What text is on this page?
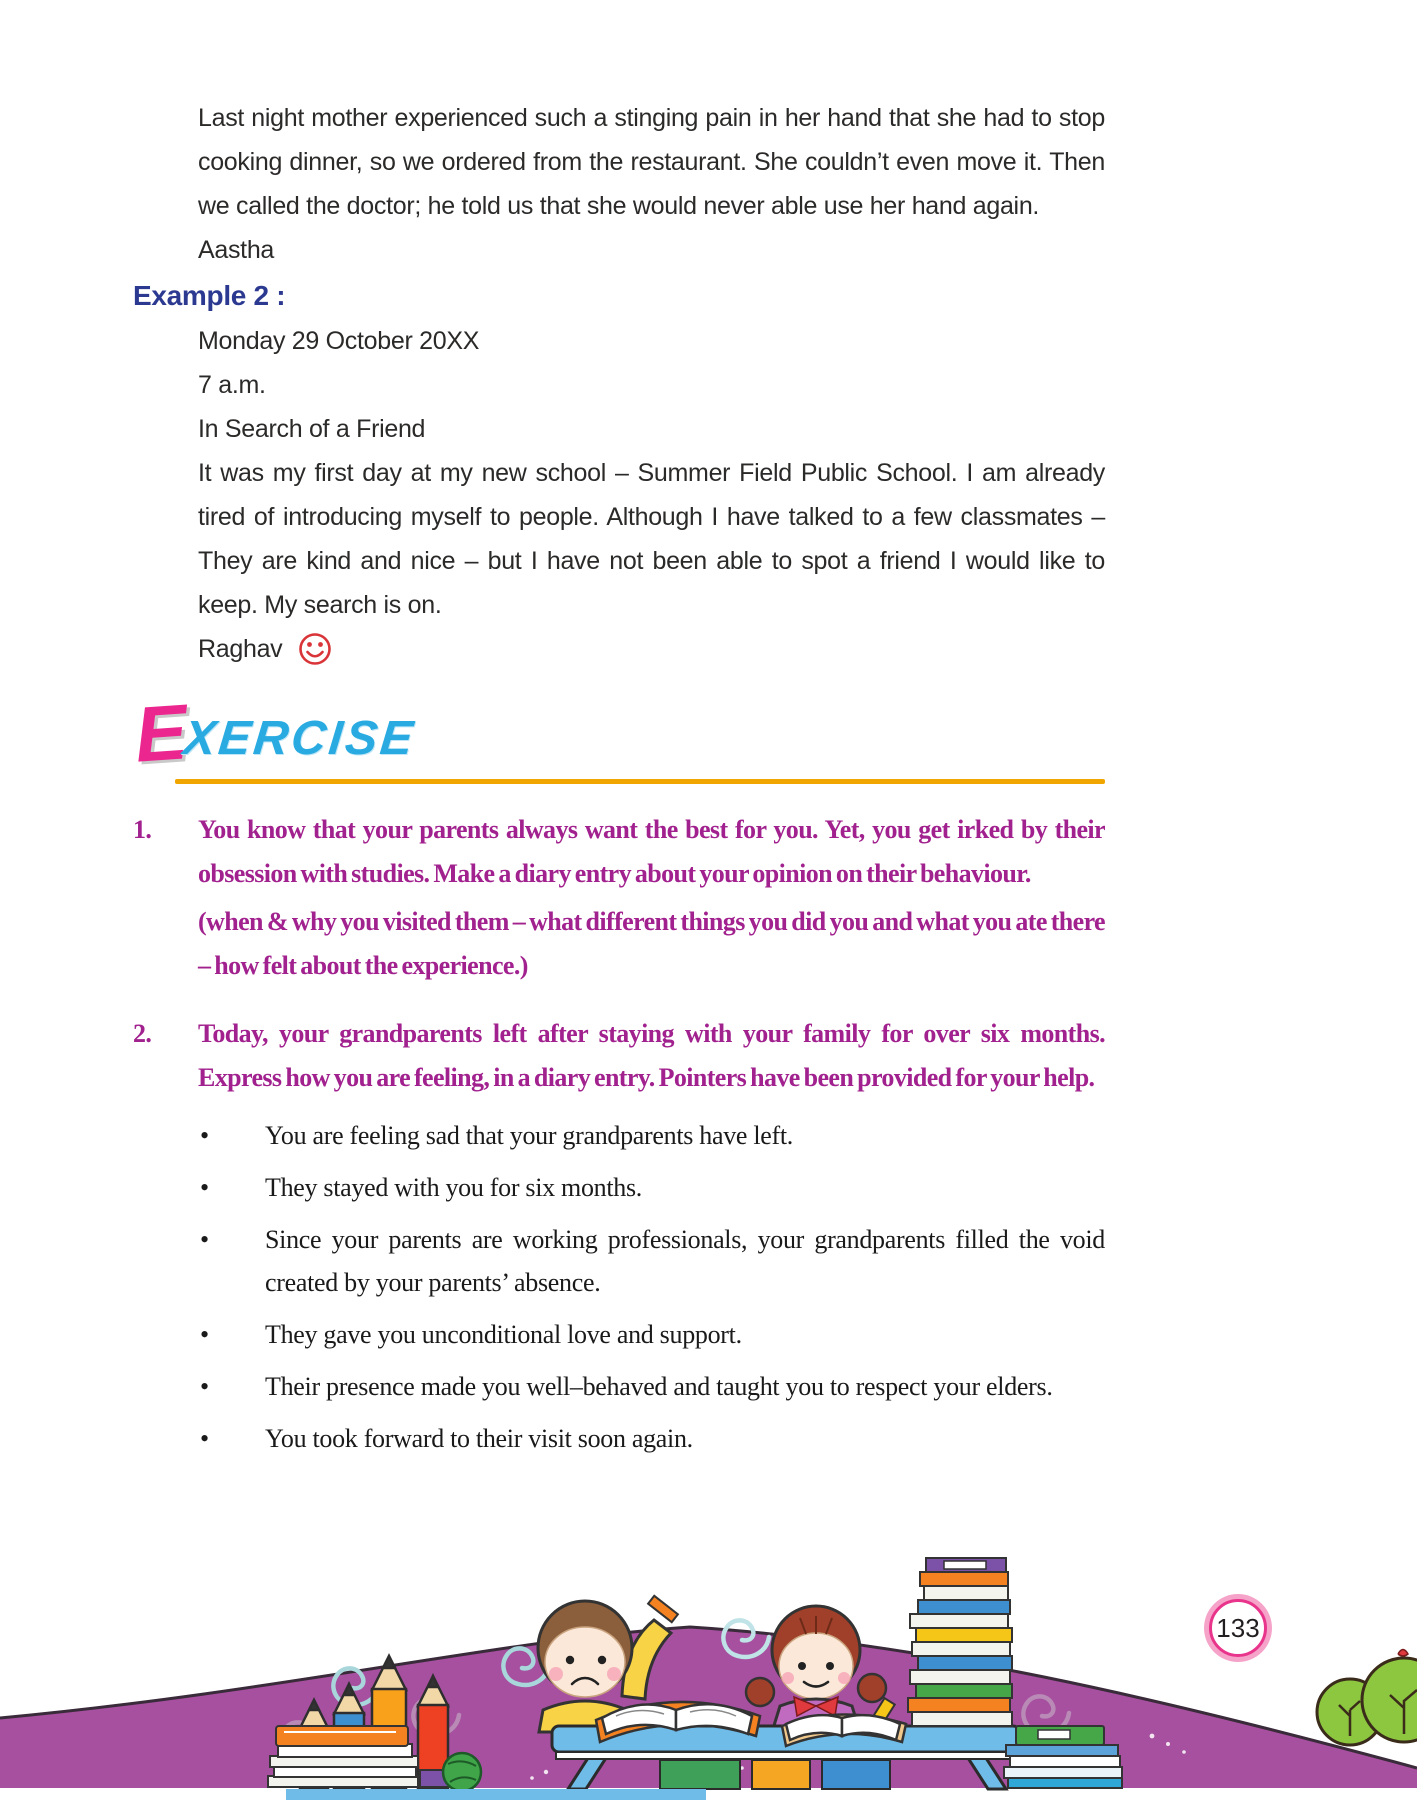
Last night mother experienced such a stinging pain in her hand that she had to stop cooking dinner, so we ordered from the restaurant. She couldn’t even move it. Then we called the doctor; he told us that she would never able use her hand again.

Aastha
Example 2 :
Monday 29 October 20XX
7 a.m.
In Search of a Friend

It was my first day at my new school – Summer Field Public School. I am already tired of introducing myself to people. Although I have talked to a few classmates – They are kind and nice – but I have not been able to spot a friend I would like to keep. My search is on.

Raghav
EXERCISE
1.	You know that your parents always want the best for you. Yet, you get irked by their obsession with studies. Make a diary entry about your opinion on their behaviour.
(when & why you visited them – what different things you did you and what you ate there – how felt about the experience.)
2.	Today, your grandparents left after staying with your family for over six months. Express how you are feeling, in a diary entry. Pointers have been provided for your help.
•	You are feeling sad that your grandparents have left.
•	They stayed with you for six months.
•	Since your parents are working professionals, your grandparents filled the void created by your parents’ absence.
•	They gave you unconditional love and support.
•	Their presence made you well–behaved and taught you to respect your elders.
•	You took forward to their visit soon again.
133
